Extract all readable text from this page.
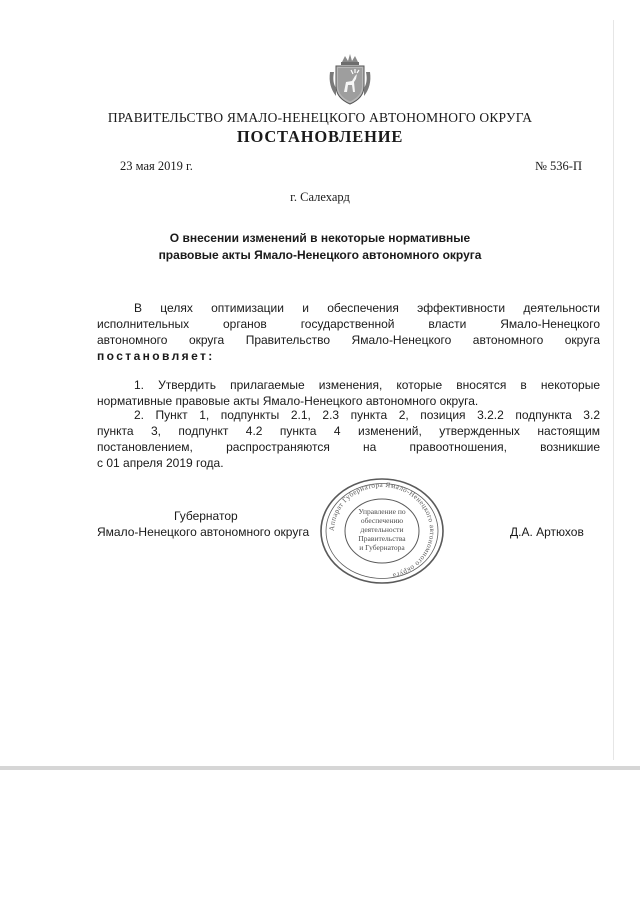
ПРАВИТЕЛЬСТВО ЯМАЛО-НЕНЕЦКОГО АВТОНОМНОГО ОКРУГА
ПОСТАНОВЛЕНИЕ
23 мая 2019 г.	№ 536-П
г. Салехард
О внесении изменений в некоторые нормативные
правовые акты Ямало-Ненецкого автономного округа
В целях оптимизации и обеспечения эффективности деятельности
исполнительных органов государственной власти Ямало-Ненецкого
автономного округа Правительство Ямало-Ненецкого автономного округа
постановляет:
1. Утвердить прилагаемые изменения, которые вносятся в некоторые
нормативные правовые акты Ямало-Ненецкого автономного округа.
2. Пункт 1, подпункты 2.1, 2.3 пункта 2, позиция 3.2.2 подпункта 3.2
пункта 3, подпункт 4.2 пункта 4 изменений, утвержденных настоящим
постановлением, распространяются на правоотношения, возникшие
с 01 апреля 2019 года.
Губернатор
Ямало-Ненецкого автономного округа	Д.А. Артюхов
Аппарат Губернатора Ямало-Ненецкого автономного округа
Управление по
обеспечению
деятельности
Правительства
и Губернатора
